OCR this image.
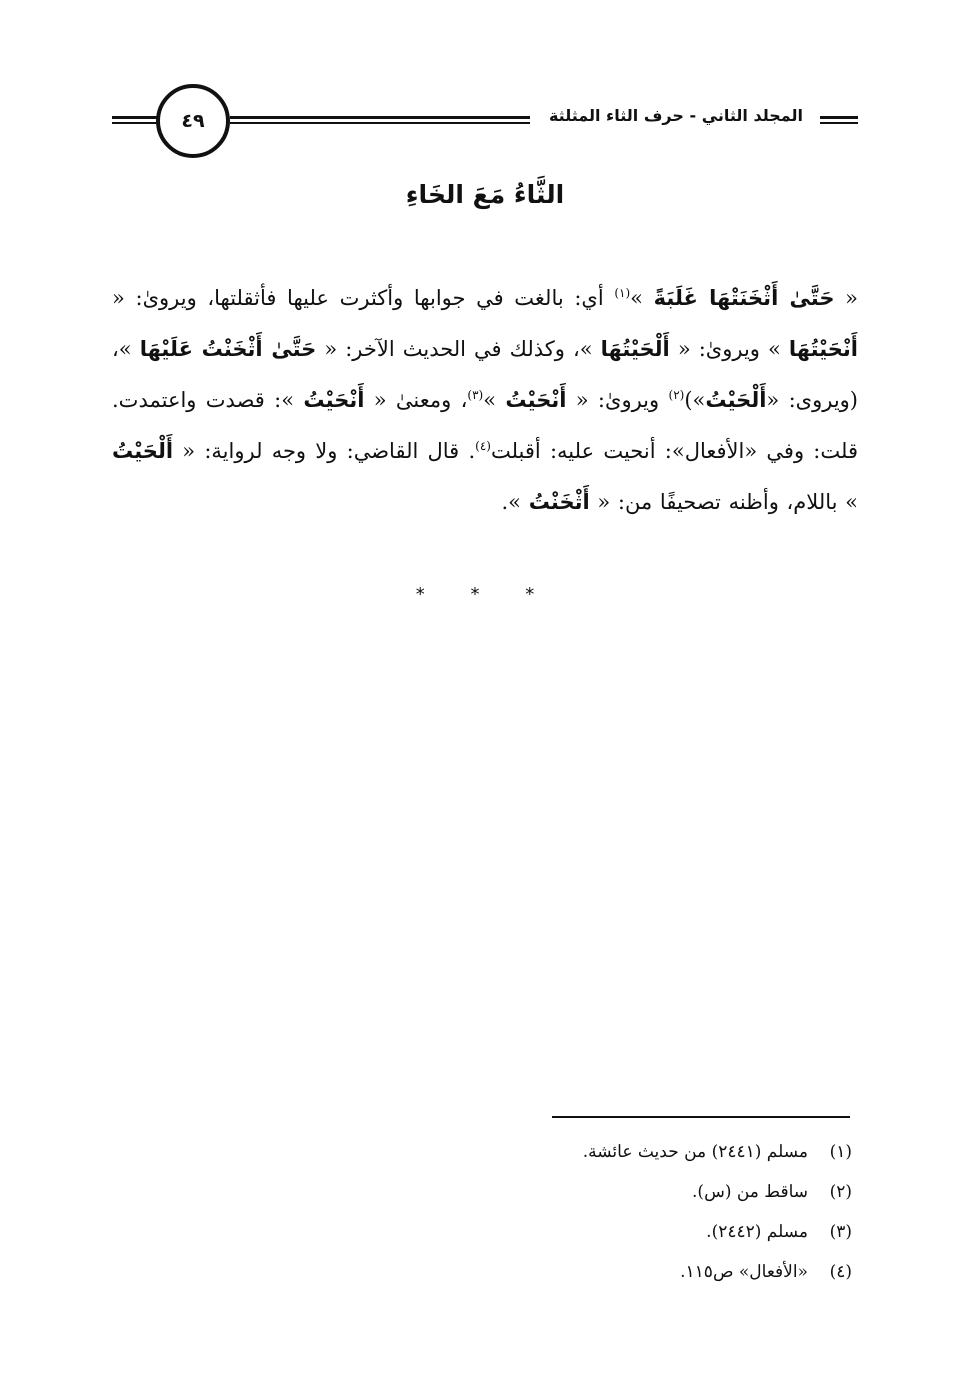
٤٩	المجلد الثاني - حرف الثاء المثلثة
الثَّاءُ مَعَ الخَاءِ

« حَتَّىٰ أَثْخَنَتْهَا غَلَبَةً »$^{(١)}$ أي: بالغت في جوابها وأكثرت عليها فأثقلتها، ويرویٰ: « أَنْحَيْتُهَا » ويرویٰ: « أَلْحَيْتُهَا »، وكذلك في الحديث الآخر: « حَتَّىٰ أَثْخَنْتُ عَلَيْهَا »، (ويروى: «أَلْحَيْتُ»)$^{(٢)}$ ويرویٰ: « أَنْحَيْتُ »$^{(٣)}$، ومعنىٰ « أَنْحَيْتُ »: قصدت واعتمدت. قلت: وفي «الأفعال»: أنحيت عليه: أقبلت$^{(٤)}$. قال القاضي: ولا وجه لرواية: « أَلْحَيْتُ » باللام، وأظنه تصحيفًا من: « أَثْخَنْتُ ».

* * *
(١)
مسلم (٢٤٤١) من حديث عائشة.
(٢)
ساقط من (س).
(٣)
مسلم (٢٤٤٢).
(٤)
«الأفعال» ص١١٥.
